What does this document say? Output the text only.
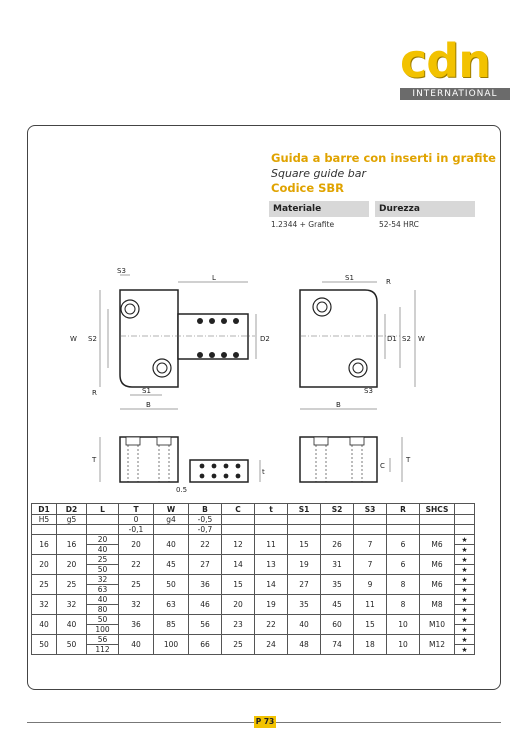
cdn
INTERNATIONAL
Guida a barre con inserti in grafite
Square guide bar
Codice SBR
Materiale	Durezza
1.2344 + Grafite	52-54 HRC
S3
L
W S2	D2
R	S1
B
S1	R
D1 S2 W
S3
B
T
t
0.5
C
T
D1	D2	L	T	W	B	C	t	S1	S2	S3	R	SHCS	
H5	g5		0	g4	-0,5								
			-0,1		-0,7								
16	16	20	20	40	22	12	11	15	26	7	6	M6	★
		40											★
20	20	25	22	45	27	14	13	19	31	7	6	M6	★
		50											★
25	25	32	25	50	36	15	14	27	35	9	8	M6	★
		63											★
32	32	40	32	63	46	20	19	35	45	11	8	M8	★
		80											★
40	40	50	36	85	56	23	22	40	60	15	10	M10	★
		100											★
50	50	56	40	100	66	25	24	48	74	18	10	M12	★
		112											★
P 73
